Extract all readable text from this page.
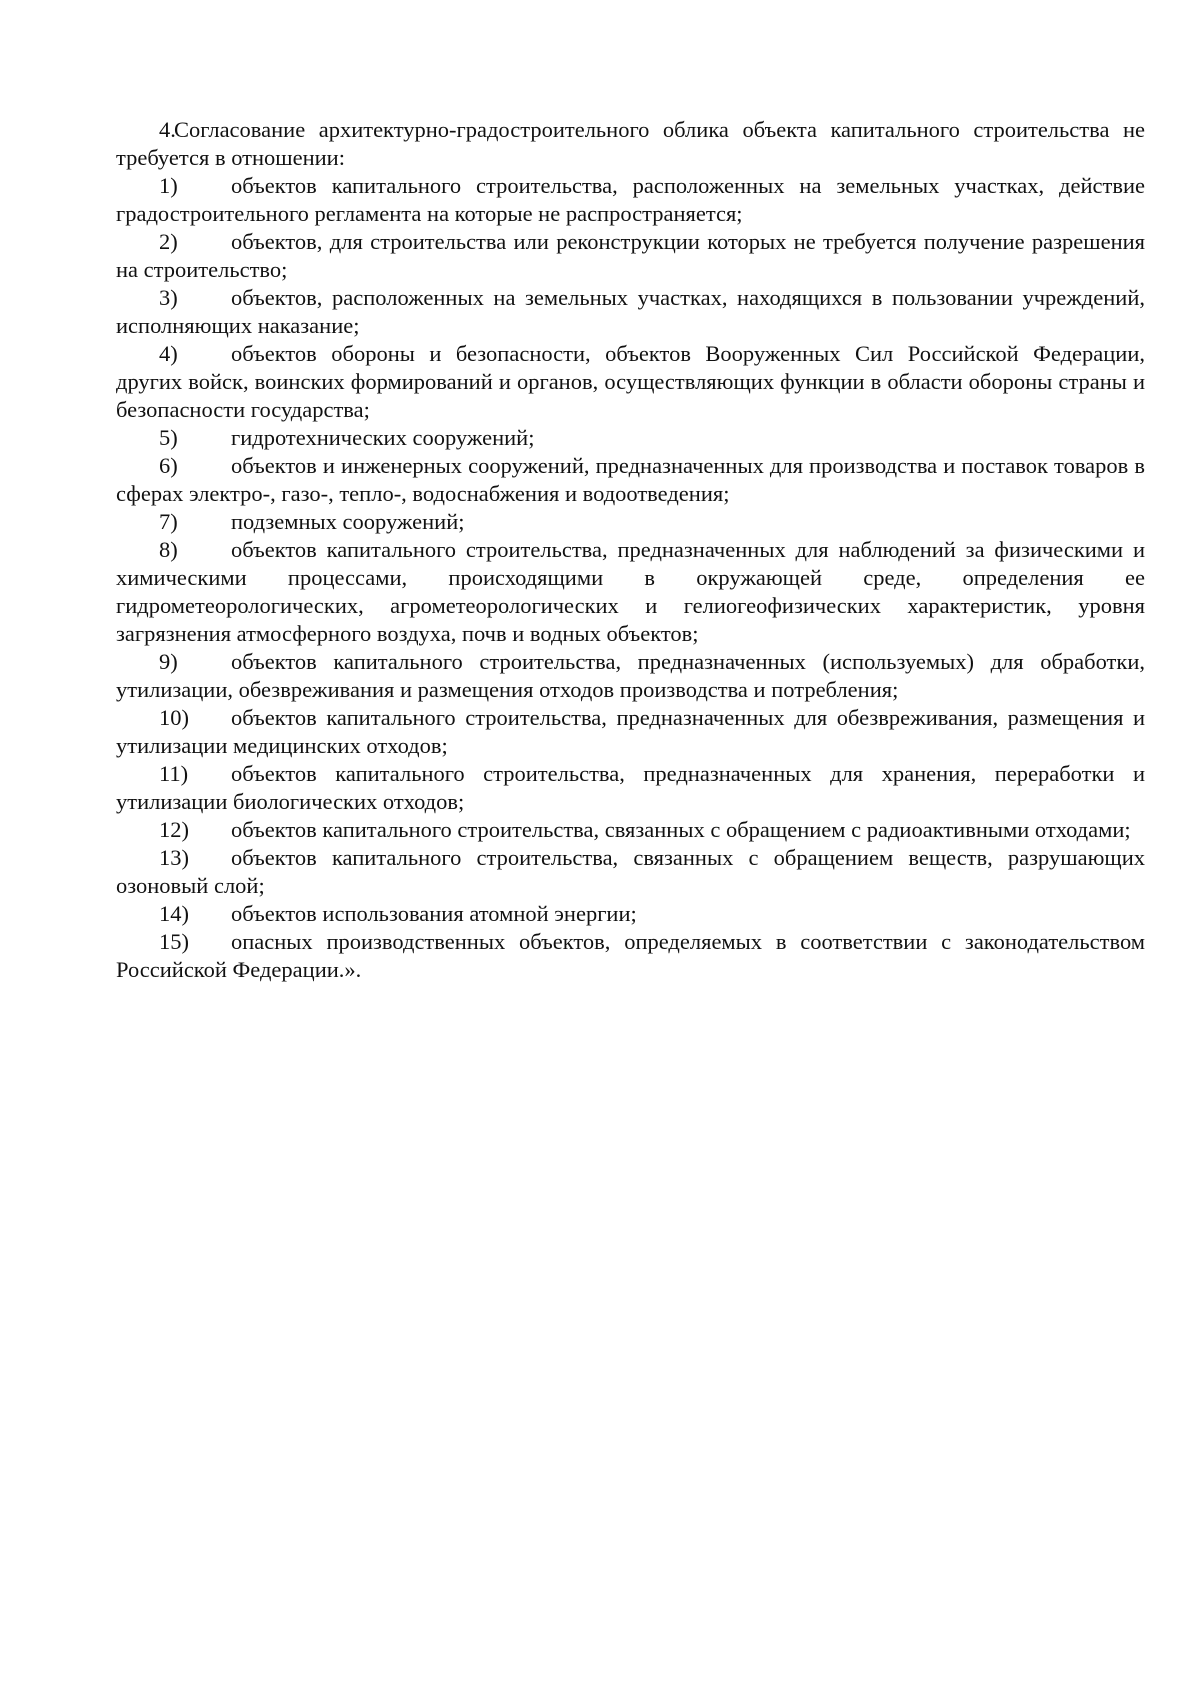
4.Согласование архитектурно-градостроительного облика объекта капитального строительства не требуется в отношении:

1) объектов капитального строительства, расположенных на земельных участках, действие градостроительного регламента на которые не распространяется;

2) объектов, для строительства или реконструкции которых не требуется получение разрешения на строительство;

3) объектов, расположенных на земельных участках, находящихся в пользовании учреждений, исполняющих наказание;

4) объектов обороны и безопасности, объектов Вооруженных Сил Российской Федерации, других войск, воинских формирований и органов, осуществляющих функции в области обороны страны и безопасности государства;

5) гидротехнических сооружений;

6) объектов и инженерных сооружений, предназначенных для производства и поставок товаров в сферах электро-, газо-, тепло-, водоснабжения и водоотведения;

7) подземных сооружений;

8) объектов капитального строительства, предназначенных для наблюдений за физическими и химическими процессами, происходящими в окружающей среде, определения ее гидрометеорологических, агрометеорологических и гелиогеофизических характеристик, уровня загрязнения атмосферного воздуха, почв и водных объектов;

9) объектов капитального строительства, предназначенных (используемых) для обработки, утилизации, обезвреживания и размещения отходов производства и потребления;

10) объектов капитального строительства, предназначенных для обезвреживания, размещения и утилизации медицинских отходов;

11) объектов капитального строительства, предназначенных для хранения, переработки и утилизации биологических отходов;

12) объектов капитального строительства, связанных с обращением с радиоактивными отходами;

13) объектов капитального строительства, связанных с обращением веществ, разрушающих озоновый слой;

14) объектов использования атомной энергии;

15) опасных производственных объектов, определяемых в соответствии с законодательством Российской Федерации.».
